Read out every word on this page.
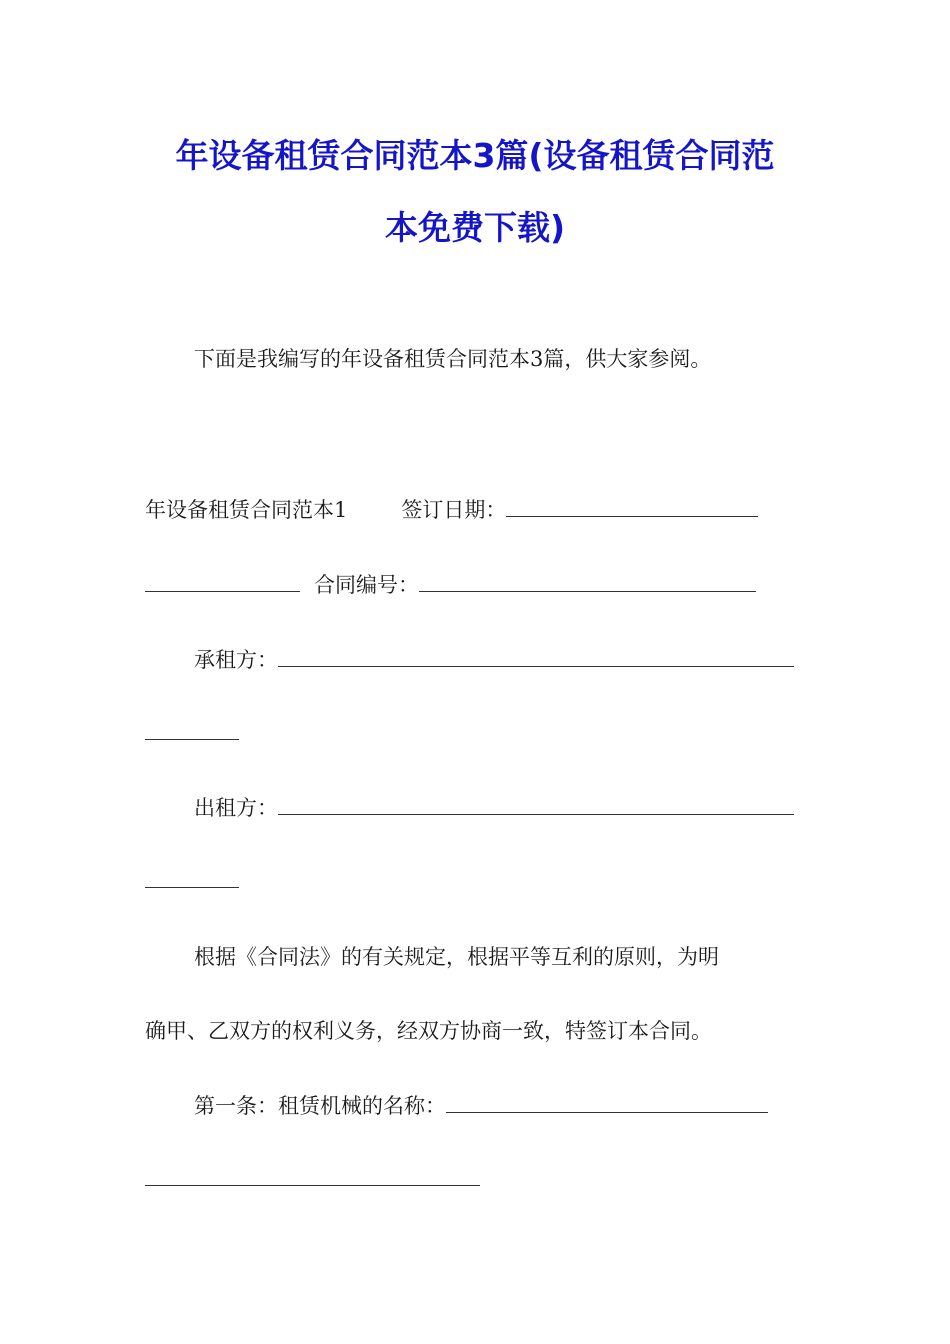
年设备租赁合同范本3篇(设备租赁合同范
本免费下载)
下面是我编写的年设备租赁合同范本3篇，供大家参阅。
年设备租赁合同范本1	签订日期：
合同编号：
承租方：
出租方：
根据《合同法》的有关规定，根据平等互利的原则，为明
确甲、乙双方的权利义务，经双方协商一致，特签订本合同。
第一条：租赁机械的名称：
